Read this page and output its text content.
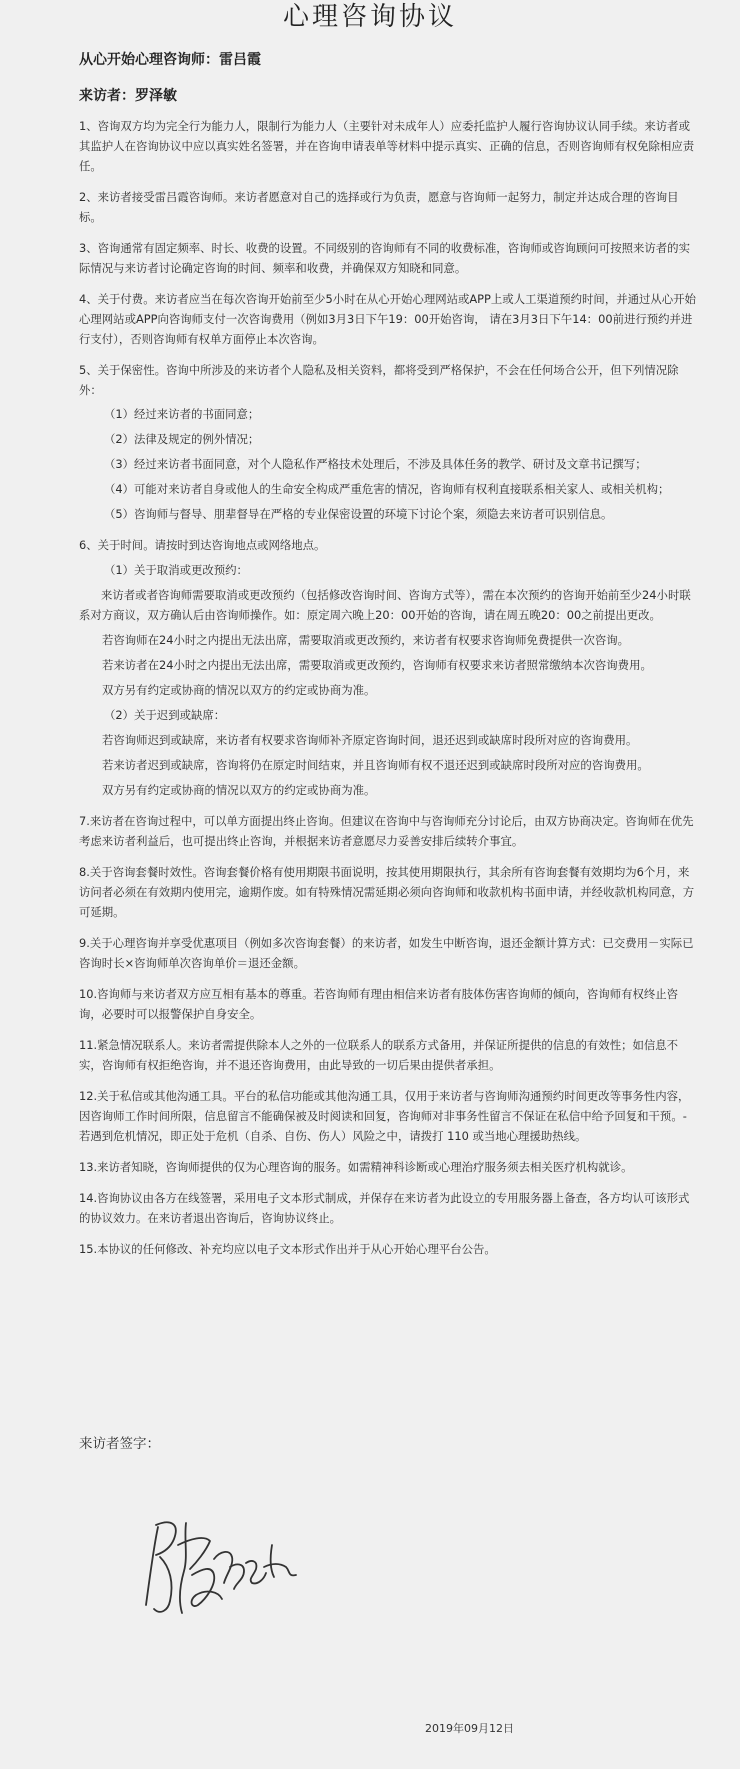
心理咨询协议
从心开始心理咨询师：雷吕霞
来访者：罗泽敏

1、咨询双方均为完全行为能力人，限制行为能力人（主要针对未成年人）应委托监护人履行咨询协议认同手续。来访者或其监护人在咨询协议中应以真实姓名签署，并在咨询申请表单等材料中提示真实、正确的信息，否则咨询师有权免除相应责任。

2、来访者接受雷吕霞咨询师。来访者愿意对自己的选择或行为负责，愿意与咨询师一起努力，制定并达成合理的咨询目标。

3、咨询通常有固定频率、时长、收费的设置。不同级别的咨询师有不同的收费标准，咨询师或咨询顾问可按照来访者的实际情况与来访者讨论确定咨询的时间、频率和收费，并确保双方知晓和同意。

4、关于付费。来访者应当在每次咨询开始前至少5小时在从心开始心理网站或APP上或人工渠道预约时间，并通过从心开始心理网站或APP向咨询师支付一次咨询费用（例如3月3日下午19：00开始咨询， 请在3月3日下午14：00前进行预约并进行支付），否则咨询师有权单方面停止本次咨询。

5、关于保密性。咨询中所涉及的来访者个人隐私及相关资料，都将受到严格保护，不会在任何场合公开，但下列情况除外：

（1）经过来访者的书面同意；

（2）法律及规定的例外情况；

（3）经过来访者书面同意，对个人隐私作严格技术处理后，不涉及具体任务的教学、研讨及文章书记撰写；

（4）可能对来访者自身或他人的生命安全构成严重危害的情况，咨询师有权利直接联系相关家人、或相关机构；

（5）咨询师与督导、朋辈督导在严格的专业保密设置的环境下讨论个案，须隐去来访者可识别信息。

6、关于时间。请按时到达咨询地点或网络地点。

（1）关于取消或更改预约：

来访者或者咨询师需要取消或更改预约（包括修改咨询时间、咨询方式等），需在本次预约的咨询开始前至少24小时联系对方商议，双方确认后由咨询师操作。如：原定周六晚上20：00开始的咨询，请在周五晚20：00之前提出更改。

若咨询师在24小时之内提出无法出席，需要取消或更改预约，来访者有权要求咨询师免费提供一次咨询。

若来访者在24小时之内提出无法出席，需要取消或更改预约，咨询师有权要求来访者照常缴纳本次咨询费用。

双方另有约定或协商的情况以双方的约定或协商为准。

（2）关于迟到或缺席：

若咨询师迟到或缺席，来访者有权要求咨询师补齐原定咨询时间，退还迟到或缺席时段所对应的咨询费用。

若来访者迟到或缺席，咨询将仍在原定时间结束，并且咨询师有权不退还迟到或缺席时段所对应的咨询费用。

双方另有约定或协商的情况以双方的约定或协商为准。

7.来访者在咨询过程中，可以单方面提出终止咨询。但建议在咨询中与咨询师充分讨论后，由双方协商决定。咨询师在优先考虑来访者利益后，也可提出终止咨询，并根据来访者意愿尽力妥善安排后续转介事宜。

8.关于咨询套餐时效性。咨询套餐价格有使用期限书面说明，按其使用期限执行，其余所有咨询套餐有效期均为6个月，来访问者必须在有效期内使用完，逾期作废。如有特殊情况需延期必须向咨询师和收款机构书面申请，并经收款机构同意，方可延期。

9.关于心理咨询并享受优惠项目（例如多次咨询套餐）的来访者，如发生中断咨询，退还金额计算方式：已交费用－实际已咨询时长×咨询师单次咨询单价＝退还金额。

10.咨询师与来访者双方应互相有基本的尊重。若咨询师有理由相信来访者有肢体伤害咨询师的倾向，咨询师有权终止咨询，必要时可以报警保护自身安全。

11.紧急情况联系人。来访者需提供除本人之外的一位联系人的联系方式备用，并保证所提供的信息的有效性；如信息不实，咨询师有权拒绝咨询，并不退还咨询费用，由此导致的一切后果由提供者承担。

12.关于私信或其他沟通工具。平台的私信功能或其他沟通工具，仅用于来访者与咨询师沟通预约时间更改等事务性内容，因咨询师工作时间所限，信息留言不能确保被及时阅读和回复，咨询师对非事务性留言不保证在私信中给予回复和干预。- 若遇到危机情况，即正处于危机（自杀、自伤、伤人）风险之中，请拨打 110 或当地心理援助热线。

13.来访者知晓，咨询师提供的仅为心理咨询的服务。如需精神科诊断或心理治疗服务须去相关医疗机构就诊。

14.咨询协议由各方在线签署，采用电子文本形式制成，并保存在来访者为此设立的专用服务器上备查，各方均认可该形式的协议效力。在来访者退出咨询后，咨询协议终止。

15.本协议的任何修改、补充均应以电子文本形式作出并于从心开始心理平台公告。

来访者签字：
2019年09月12日
